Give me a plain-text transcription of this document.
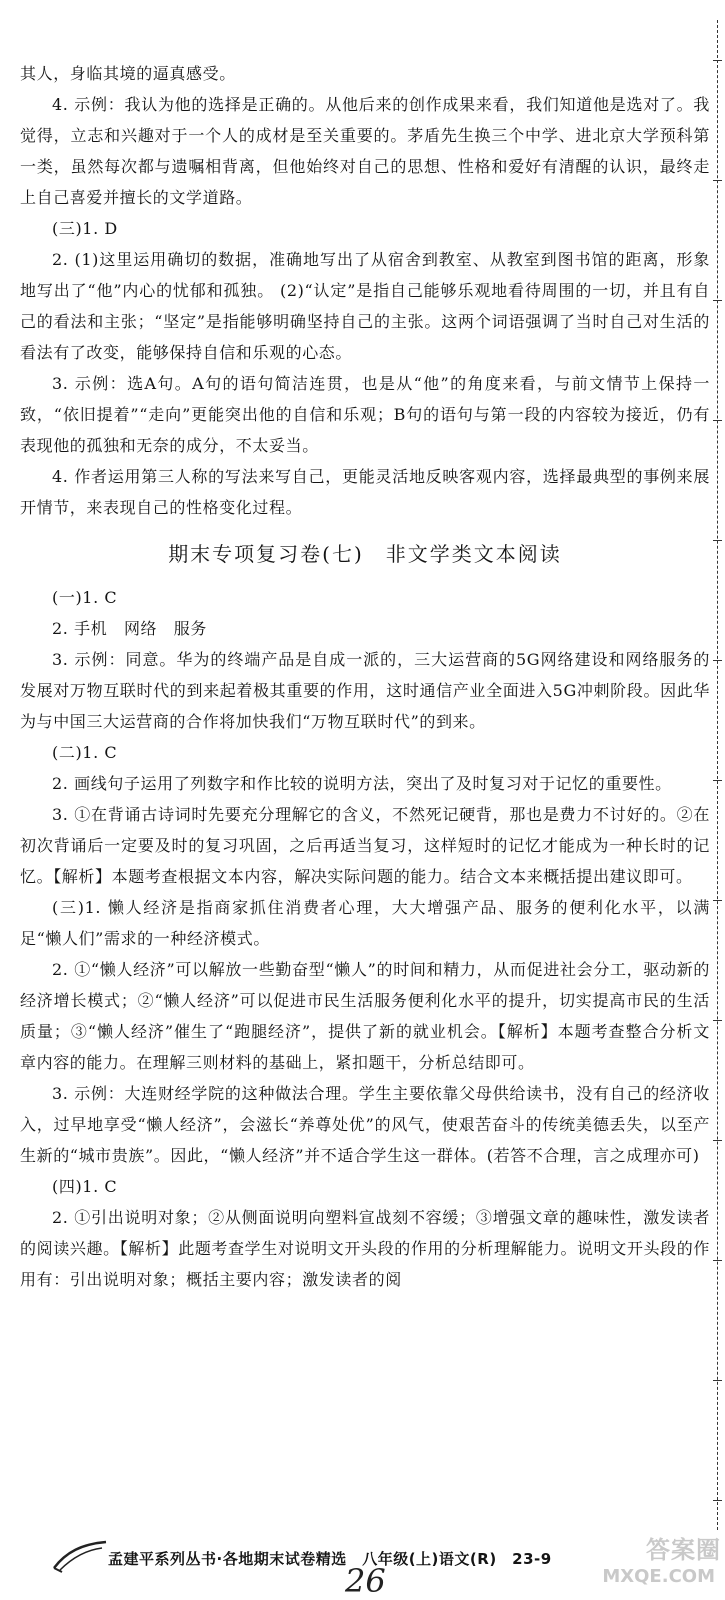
其人，身临其境的逼真感受。

4. 示例：我认为他的选择是正确的。从他后来的创作成果来看，我们知道他是选对了。我觉得，立志和兴趣对于一个人的成材是至关重要的。茅盾先生换三个中学、进北京大学预科第一类，虽然每次都与遗嘱相背离，但他始终对自己的思想、性格和爱好有清醒的认识，最终走上自己喜爱并擅长的文学道路。

(三)1. D

2. (1)这里运用确切的数据，准确地写出了从宿舍到教室、从教室到图书馆的距离，形象地写出了“他”内心的忧郁和孤独。 (2)“认定”是指自己能够乐观地看待周围的一切，并且有自己的看法和主张；“坚定”是指能够明确坚持自己的主张。这两个词语强调了当时自己对生活的看法有了改变，能够保持自信和乐观的心态。

3. 示例：选A句。A句的语句简洁连贯，也是从“他”的角度来看，与前文情节上保持一致，“依旧提着”“走向”更能突出他的自信和乐观；B句的语句与第一段的内容较为接近，仍有表现他的孤独和无奈的成分，不太妥当。

4. 作者运用第三人称的写法来写自己，更能灵活地反映客观内容，选择最典型的事例来展开情节，来表现自己的性格变化过程。

期末专项复习卷(七)　非文学类文本阅读

(一)1. C

2. 手机　网络　服务

3. 示例：同意。华为的终端产品是自成一派的，三大运营商的5G网络建设和网络服务的发展对万物互联时代的到来起着极其重要的作用，这时通信产业全面进入5G冲刺阶段。因此华为与中国三大运营商的合作将加快我们“万物互联时代”的到来。

(二)1. C

2. 画线句子运用了列数字和作比较的说明方法，突出了及时复习对于记忆的重要性。

3. ①在背诵古诗词时先要充分理解它的含义，不然死记硬背，那也是费力不讨好的。②在初次背诵后一定要及时的复习巩固，之后再适当复习，这样短时的记忆才能成为一种长时的记忆。【解析】本题考查根据文本内容，解决实际问题的能力。结合文本来概括提出建议即可。

(三)1. 懒人经济是指商家抓住消费者心理，大大增强产品、服务的便利化水平，以满足“懒人们”需求的一种经济模式。

2. ①“懒人经济”可以解放一些勤奋型“懒人”的时间和精力，从而促进社会分工，驱动新的经济增长模式；②“懒人经济”可以促进市民生活服务便利化水平的提升，切实提高市民的生活质量；③“懒人经济”催生了“跑腿经济”，提供了新的就业机会。【解析】本题考查整合分析文章内容的能力。在理解三则材料的基础上，紧扣题干，分析总结即可。

3. 示例：大连财经学院的这种做法合理。学生主要依靠父母供给读书，没有自己的经济收入，过早地享受“懒人经济”，会滋长“养尊处优”的风气，使艰苦奋斗的传统美德丢失，以至产生新的“城市贵族”。因此，“懒人经济”并不适合学生这一群体。(若答不合理，言之成理亦可)

(四)1. C

2. ①引出说明对象；②从侧面说明向塑料宣战刻不容缓；③增强文章的趣味性，激发读者的阅读兴趣。【解析】此题考查学生对说明文开头段的作用的分析理解能力。说明文开头段的作用有：引出说明对象；概括主要内容；激发读者的阅

孟建平系列丛书·各地期末试卷精选　八年级(上)语文(R)　23-9
26
答案圈
MXQE.COM
